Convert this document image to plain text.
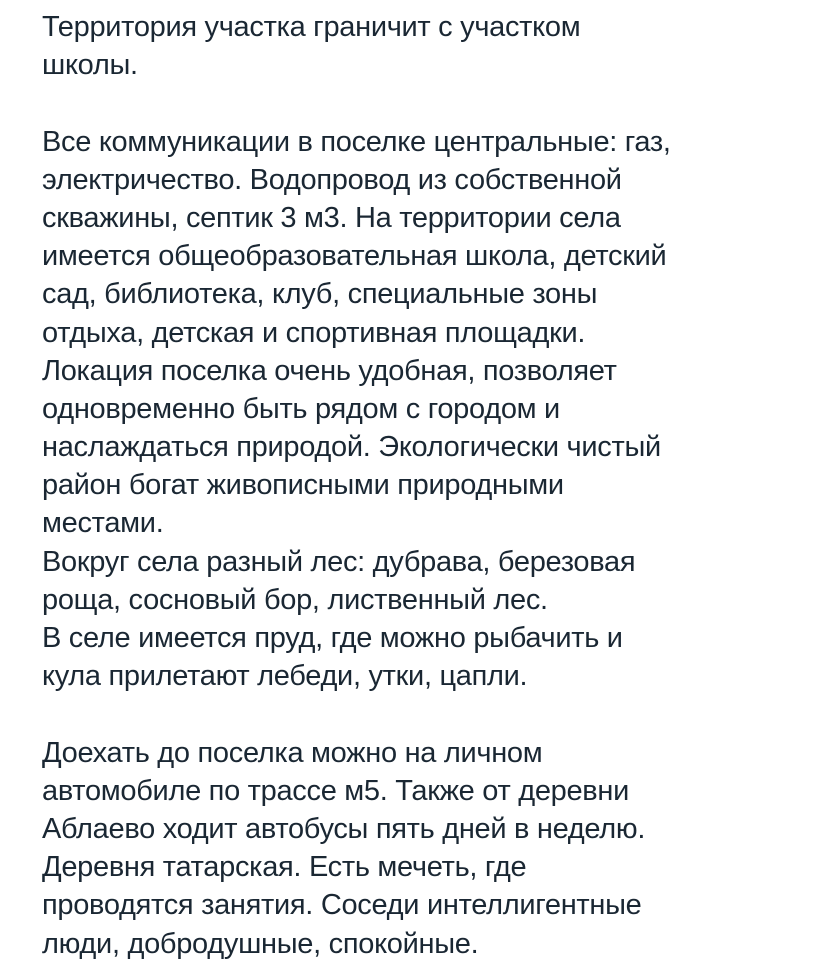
Территория участка граничит с участком
школы.
Все коммуникации в поселке центральные: газ,
электричество. Водопровод из собственной
скважины, септик 3 м3. На территории села
имеется общеобразовательная школа, детский
сад, библиотека, клуб, специальные зоны
отдыха, детская и спортивная площадки.
Локация поселка очень удобная, позволяет
одновременно быть рядом с городом и
наслаждаться природой. Экологически чистый
район богат живописными природными
местами.
Вокруг села разный лес: дубрава, березовая
роща, сосновый бор, лиственный лес.
В селе имеется пруд, где можно рыбачить и
кула прилетают лебеди, утки, цапли.
Доехать до поселка можно на личном
автомобиле по трассе м5. Также от деревни
Аблаево ходит автобусы пять дней в неделю.
Деревня татарская. Есть мечеть, где
проводятся занятия. Соседи интеллигентные
люди, добродушные, спокойные.
